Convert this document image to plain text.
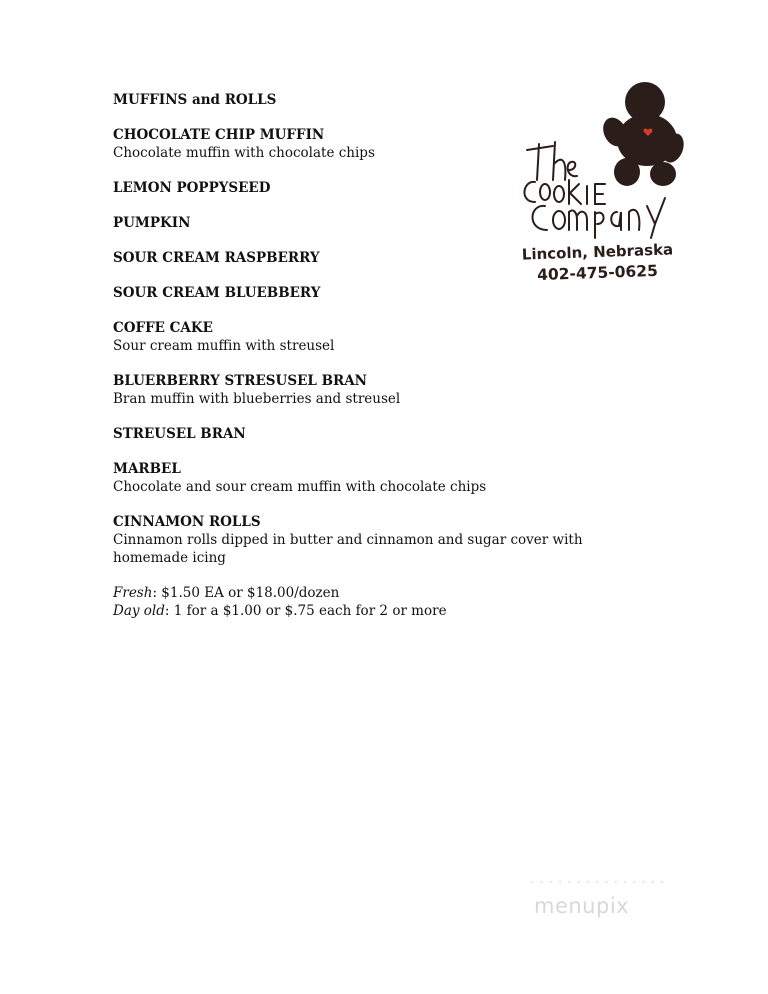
MUFFINS and ROLLS
CHOCOLATE CHIP MUFFIN
Chocolate muffin with chocolate chips
LEMON POPPYSEED
PUMPKIN
SOUR CREAM RASPBERRY
SOUR CREAM BLUEBBERY
COFFE CAKE
Sour cream muffin with streusel
BLUERBERRY STRESUSEL BRAN
Bran muffin with blueberries and streusel
STREUSEL BRAN
MARBEL
Chocolate and sour cream muffin with chocolate chips
CINNAMON ROLLS
Cinnamon rolls dipped in butter and cinnamon and sugar cover with homemade icing

Fresh: $1.50 EA or $18.00/dozen

Day old: 1 for a $1.00 or $.75 each for 2 or more

Lincoln, Nebraska
402-475-0625
• • • • • • • • • • • • • • •
menupix
